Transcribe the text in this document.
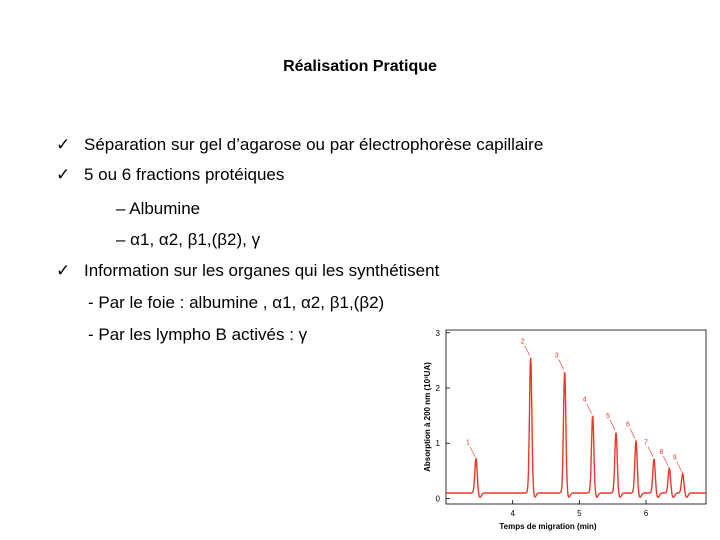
Réalisation Pratique
✓ Séparation sur gel d’agarose ou par électrophorèse capillaire
✓ 5 ou 6 fractions protéiques
– Albumine
– α1, α2, β1,(β2), γ
✓ Information sur les organes qui les synthétisent
- Par le foie : albumine , α1, α2, β1,(β2)
- Par les lympho B activés : γ
0
1
2
3
4	5	6
1
2
3
4
5
6
7
8
9
Temps de migration (min)
Absorption à 200 nm (10³UA)
